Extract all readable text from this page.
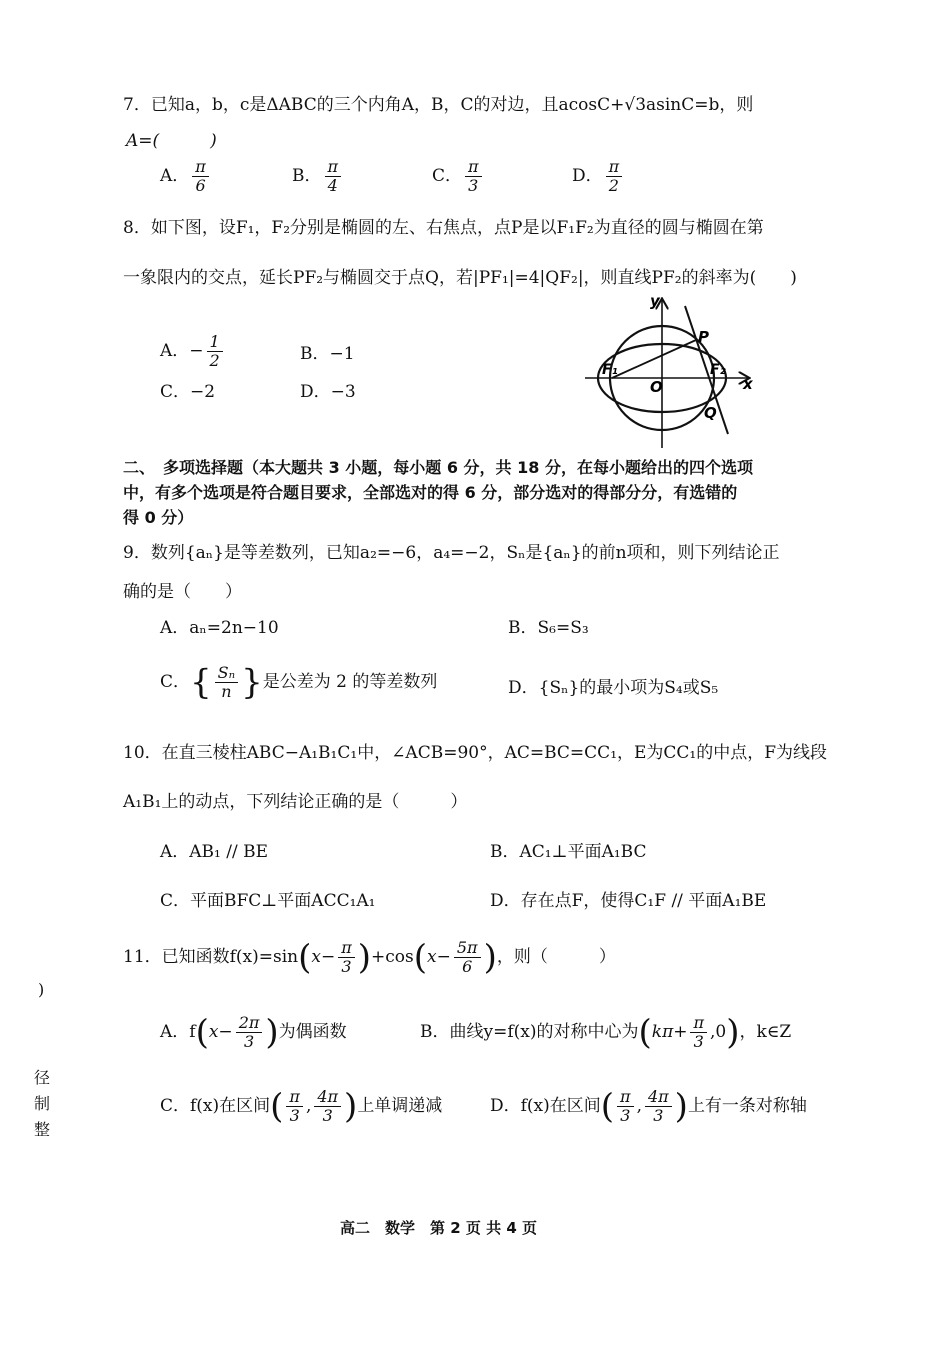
7．已知a，b，c是ΔABC的三个内角A，B，C的对边，且acosC+√3asinC=b，则
A=(　　　)
A． $\frac{\pi}{6}$	B． $\frac{\pi}{4}$	C． $\frac{\pi}{3}$	D． $\frac{\pi}{2}$
8．如下图，设F₁，F₂分别是椭圆的左、右焦点，点P是以F₁F₂为直径的圆与椭圆在第
一象限内的交点，延长PF₂与椭圆交于点Q，若|PF₁|=4|QF₂|，则直线PF₂的斜率为(　　)
A．− $\frac{1}{2}$	B．−1
C．−2	D．−3
y
x
P
F₁
O
F₂
Q
二、　多项选择题（本大题共 3 小题，每小题 6 分，共 18 分，在每小题给出的四个选项
中，有多个选项是符合题目要求，全部选对的得 6 分，部分选对的得部分分，有选错的
得 0 分）
9．数列{aₙ}是等差数列，已知a₂=−6，a₄=−2，Sₙ是{aₙ}的前n项和，则下列结论正
确的是（　　）
A．aₙ=2n−10	B．S₆=S₃
C．{ $\frac{\text{Sₙ}}{n}$ }是公差为 2 的等差数列	D．{Sₙ}的最小项为S₄或S₅
10．在直三棱柱ABC−A₁B₁C₁中，∠ACB=90°，AC=BC=CC₁，E为CC₁的中点，F为线段
A₁B₁上的动点，下列结论正确的是（　　　）
A．AB₁ // BE	B．AC₁⊥平面A₁BC
C．平面BFC⊥平面ACC₁A₁	D．存在点F，使得C₁F // 平面A₁BE
11．已知函数$f(x)=\sin(x- \frac{\pi}{3} )+\cos(x- \frac{5\pi}{6}$ )，则（　　　）
A．$f(x- \frac{2\pi}{3}$ )为偶函数	B．曲线y=f(x)的对称中心为$(k\pi+ \frac{\pi}{3} ,0)$，k∈Z
C．f(x)在区间( $\frac{\pi}{3}$ , $\frac{4\pi}{3}$ )上单调递减	D．f(x)在区间( $\frac{\pi}{3}$ , $\frac{4\pi}{3}$ )上有一条对称轴
)
径
制
整
高二　数学　第 2 页 共 4 页
